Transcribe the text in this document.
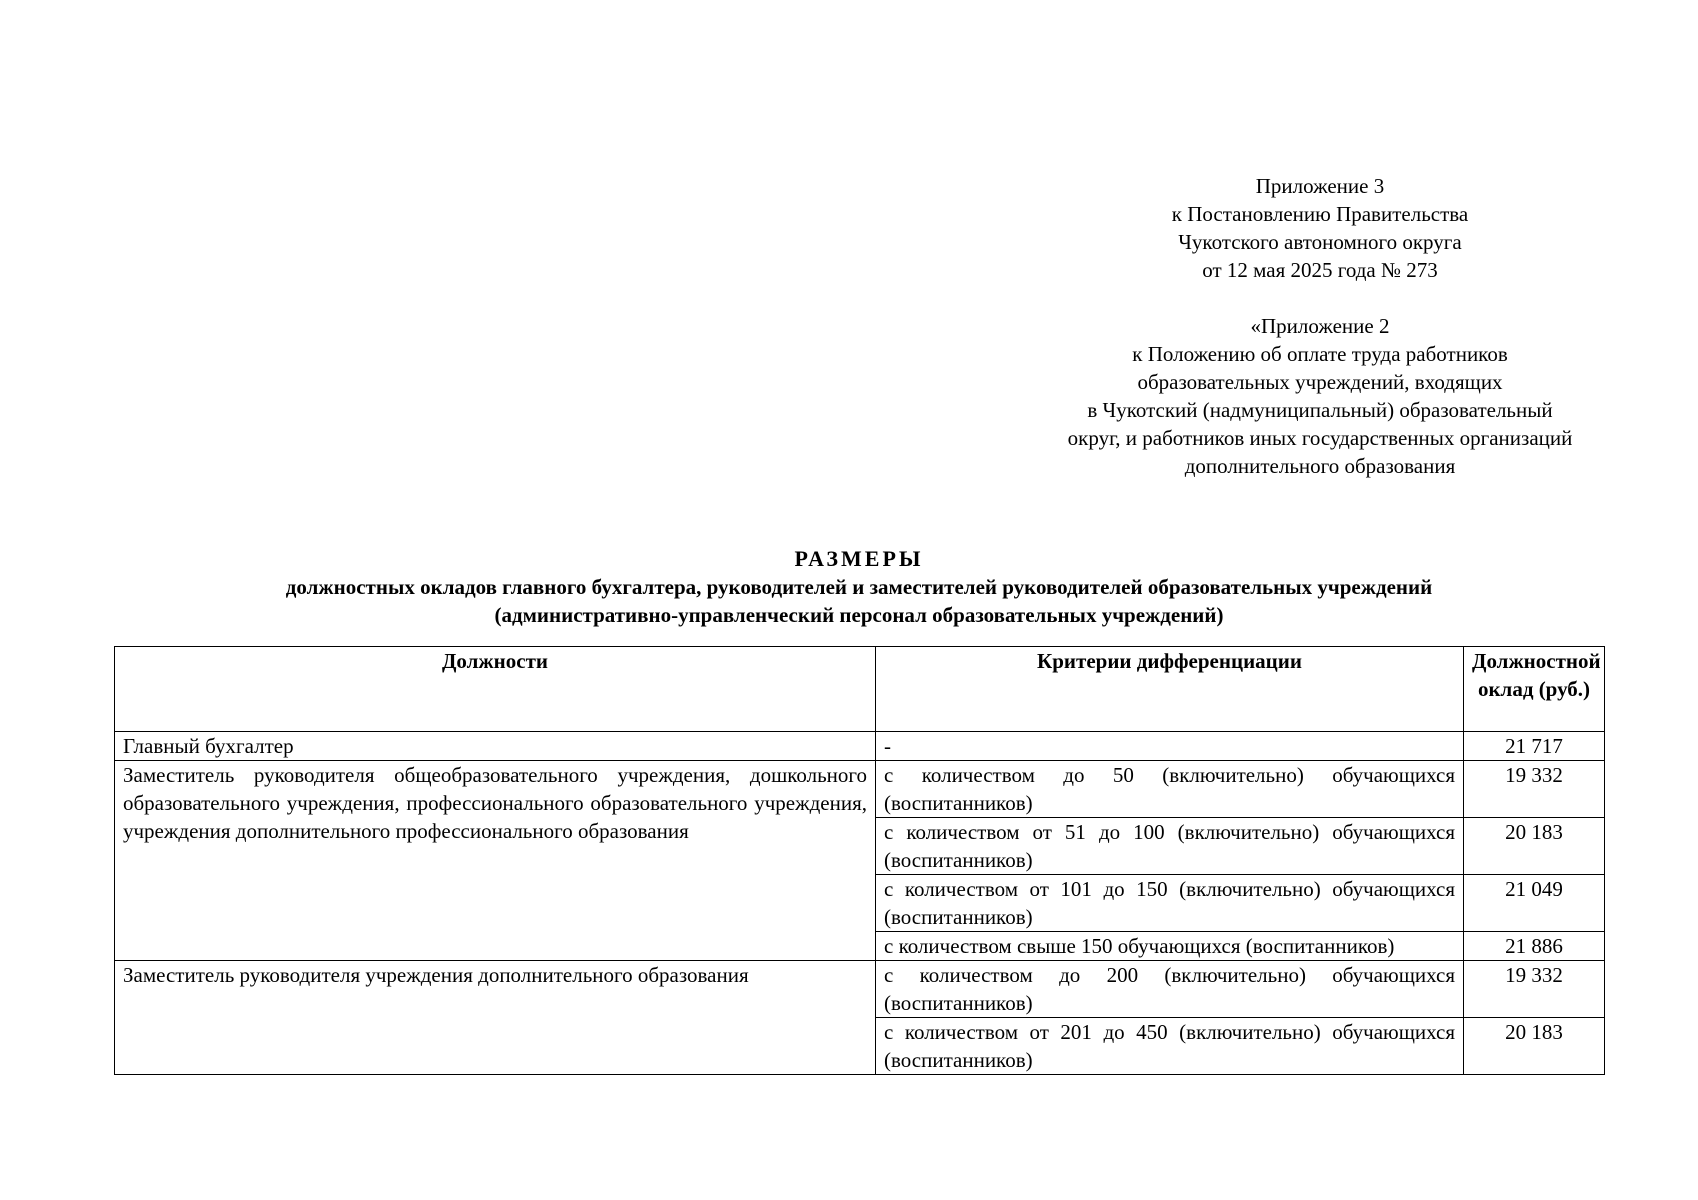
Приложение 3
к Постановлению Правительства
Чукотского автономного округа
от 12 мая 2025 года № 273
«Приложение 2
к Положению об оплате труда работников
образовательных учреждений, входящих
в Чукотский (надмуниципальный) образовательный
округ, и работников иных государственных организаций
дополнительного образования
РАЗМЕРЫ
должностных окладов главного бухгалтера, руководителей и заместителей руководителей образовательных учреждений
(административно-управленческий персонал образовательных учреждений)
Должности	Критерии дифференциации	Должностной оклад (руб.)
Главный бухгалтер	-	21 717
Заместитель руководителя общеобразовательного учреждения, дошкольного образовательного учреждения, профессионального образовательного учреждения, учреждения дополнительного профессионального образования	с количеством до 50 (включительно) обучающихся (воспитанников)	19 332
	с количеством от 51 до 100 (включительно) обучающихся (воспитанников)	20 183
	с количеством от 101 до 150 (включительно) обучающихся (воспитанников)	21 049
	с количеством свыше 150 обучающихся (воспитанников)	21 886
Заместитель руководителя учреждения дополнительного образования	с количеством до 200 (включительно) обучающихся (воспитанников)	19 332
	с количеством от 201 до 450 (включительно) обучающихся (воспитанников)	20 183
